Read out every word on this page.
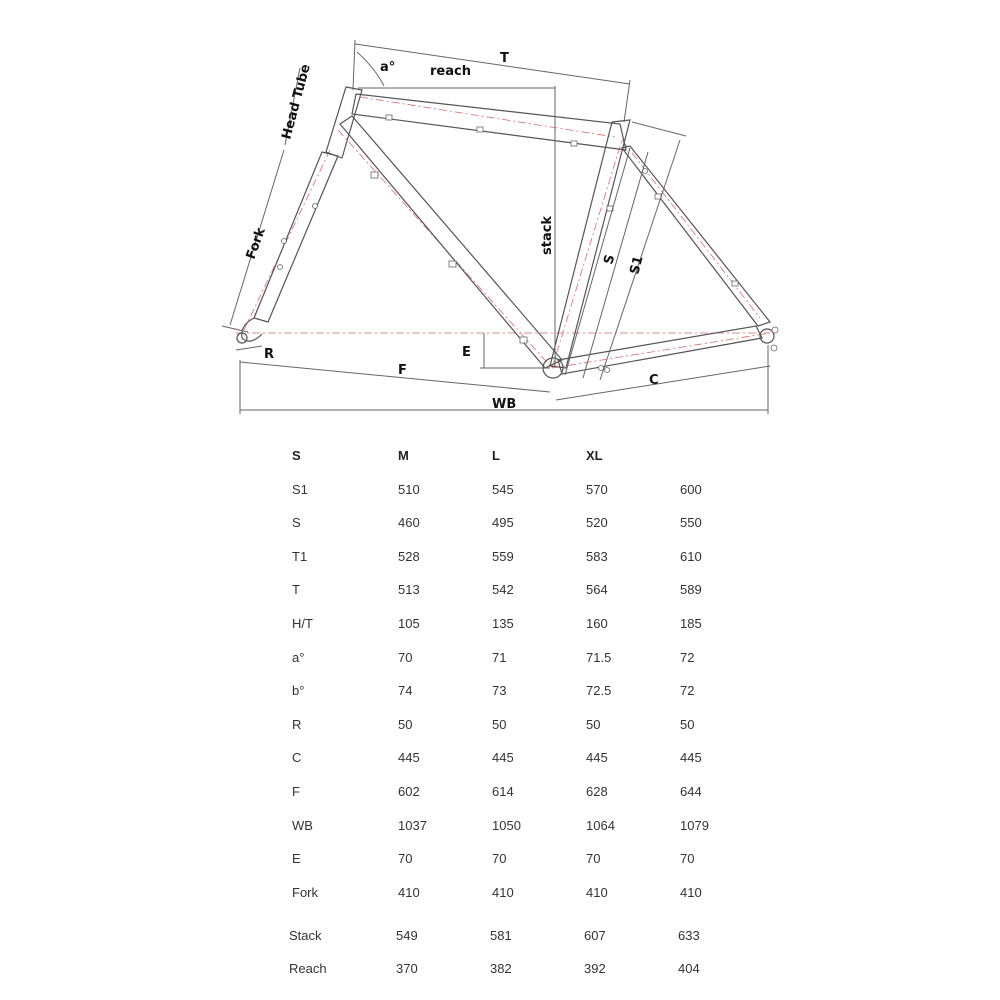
a°	reach
T
Head Tube
stack
S S1
Fork
R
F
E
C
WB
S	M	L	XL
S1	510	545	570	600
S	460	495	520	550
T1	528	559	583	610
T	513	542	564	589
H/T	105	135	160	185
a°	70	71	71.5	72
b°	74	73	72.5	72
R	50	50	50	50
C	445	445	445	445
F	602	614	628	644
WB	1037	1050	1064	1079
E	70	70	70	70
Fork	410	410	410	410
Stack	549	581	607	633
Reach	370	382	392	404
